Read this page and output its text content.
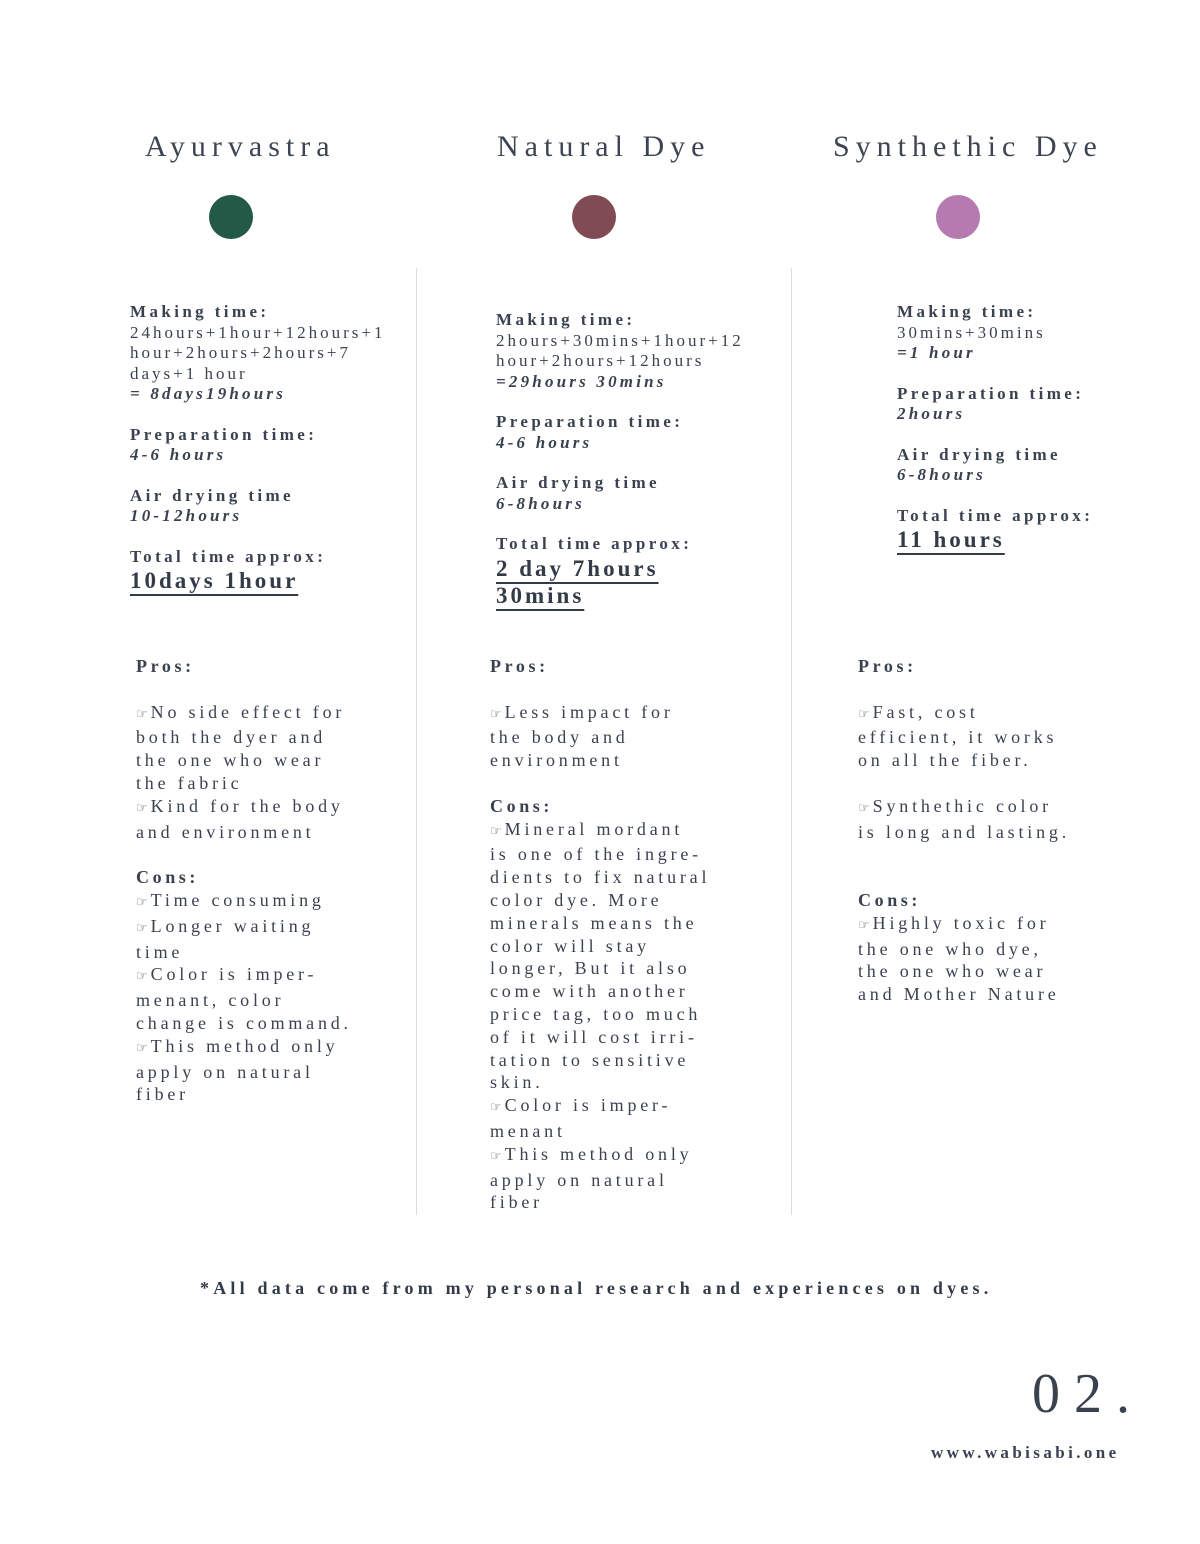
Ayurvastra	Natural Dye	Synthethic Dye
Making time:
24hours+1hour+12hours+1
hour+2hours+2hours+7
days+1 hour
= 8days19hours
Preparation time:
4-6 hours
Air drying time
10-12hours
Total time approx:
10days 1hour
Making time:
2hours+30mins+1hour+12
hour+2hours+12hours
=29hours 30mins
Preparation time:
4-6 hours
Air drying time
6-8hours
Total time approx:
2 day 7hours
30mins
Making time:
30mins+30mins
=1 hour
Preparation time:
2hours
Air drying time
6-8hours
Total time approx:
11 hours
Pros:
☞ No side effect for
both the dyer and
the one who wear
the fabric
☞ Kind for the body
and environment
Cons:
☞ Time consuming
☞ Longer waiting
time
☞ Color is imper-
menant, color
change is command.
☞ This method only
apply on natural
fiber
Pros:
☞ Less impact for
the body and
environment
Cons:
☞ Mineral mordant
is one of the ingre-
dients to fix natural
color dye. More
minerals means the
color will stay
longer, But it also
come with another
price tag, too much
of it will cost irri-
tation to sensitive
skin.
☞ Color is imper-
menant
☞ This method only
apply on natural
fiber
Pros:
☞ Fast, cost
efficient, it works
on all the fiber.
☞ Synthethic color
is long and lasting.
Cons:
☞ Highly toxic for
the one who dye,
the one who wear
and Mother Nature
*All data come from my personal research and experiences on dyes.
02.
www.wabisabi.one
